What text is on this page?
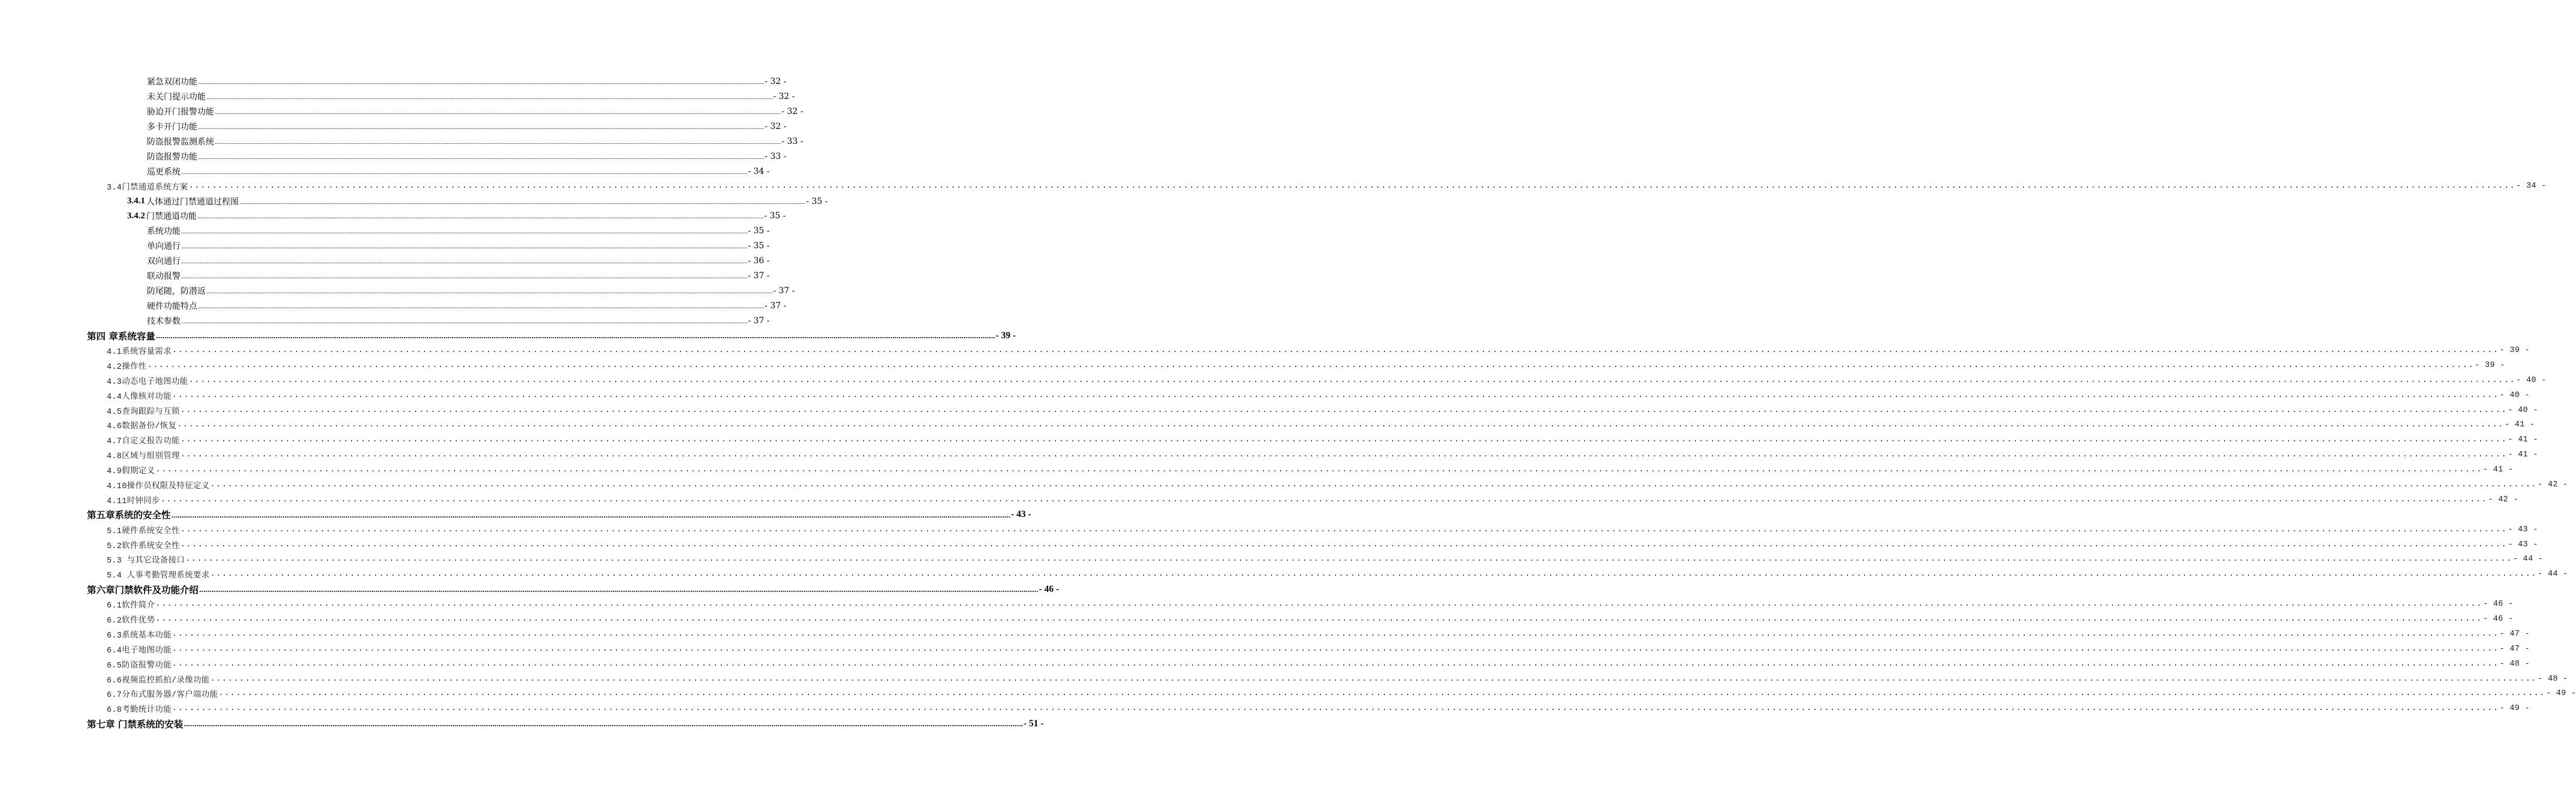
紧急双闭功能 ................................................................................................................................................................................................................................................................................................................................................................................................................ - 32 -
未关门提示功能 ................................................................................................................................................................................................................................................................................................................................................................................................................ - 32 -
胁迫开门报警功能 ................................................................................................................................................................................................................................................................................................................................................................................................................ - 32 -
多卡开门功能 ................................................................................................................................................................................................................................................................................................................................................................................................................ - 32 -
防盗报警监测系统 ................................................................................................................................................................................................................................................................................................................................................................................................................ - 33 -
防盗报警功能 ................................................................................................................................................................................................................................................................................................................................................................................................................ - 33 -
巡更系统 ................................................................................................................................................................................................................................................................................................................................................................................................................ - 34 -
3.4门禁通道系统方案 ................................................................................................................................................................................................................................................................................................................................................................................................................ - 34 -
3.4.1 人体通过门禁通道过程图 ................................................................................................................................................................................................................................................................................................................................................................................................................ - 35 -
3.4.2 门禁通道功能 ................................................................................................................................................................................................................................................................................................................................................................................................................ - 35 -
系统功能 ................................................................................................................................................................................................................................................................................................................................................................................................................ - 35 -
单向通行 ................................................................................................................................................................................................................................................................................................................................................................................................................ - 35 -
双向通行 ................................................................................................................................................................................................................................................................................................................................................................................................................ - 36 -
联动报警 ................................................................................................................................................................................................................................................................................................................................................................................................................ - 37 -
防尾随，防潜返 ................................................................................................................................................................................................................................................................................................................................................................................................................ - 37 -
硬件功能特点 ................................................................................................................................................................................................................................................................................................................................................................................................................ - 37 -
技术参数 ................................................................................................................................................................................................................................................................................................................................................................................................................ - 37 -
第四 章系统容量 ................................................................................................................................................................................................................................................................................................................................................................................................................ - 39 -
4.1系统容量需求 ................................................................................................................................................................................................................................................................................................................................................................................................................ - 39 -
4.2操作性 ................................................................................................................................................................................................................................................................................................................................................................................................................ - 39 -
4.3动态电子地图功能 ................................................................................................................................................................................................................................................................................................................................................................................................................ - 40 -
4.4人像核对功能 ................................................................................................................................................................................................................................................................................................................................................................................................................ - 40 -
4.5查询跟踪与互锁 ................................................................................................................................................................................................................................................................................................................................................................................................................ - 40 -
4.6数据备份/恢复 ................................................................................................................................................................................................................................................................................................................................................................................................................ - 41 -
4.7自定义报告功能 ................................................................................................................................................................................................................................................................................................................................................................................................................ - 41 -
4.8区域与组别管理 ................................................................................................................................................................................................................................................................................................................................................................................................................ - 41 -
4.9假期定义 ................................................................................................................................................................................................................................................................................................................................................................................................................ - 41 -
4.10操作员权限及特征定义 ................................................................................................................................................................................................................................................................................................................................................................................................................ - 42 -
4.11时钟同步 ................................................................................................................................................................................................................................................................................................................................................................................................................ - 42 -
第五章系统的安全性 ................................................................................................................................................................................................................................................................................................................................................................................................................ - 43 -
5.1硬件系统安全性 ................................................................................................................................................................................................................................................................................................................................................................................................................ - 43 -
5.2软件系统安全性 ................................................................................................................................................................................................................................................................................................................................................................................................................ - 43 -
5.3 与其它设备接口 ................................................................................................................................................................................................................................................................................................................................................................................................................ - 44 -
5.4 人事考勤管理系统要求 ................................................................................................................................................................................................................................................................................................................................................................................................................ - 44 -
第六章门禁软件及功能介绍 ................................................................................................................................................................................................................................................................................................................................................................................................................ - 46 -
6.1软件简介 ................................................................................................................................................................................................................................................................................................................................................................................................................ - 46 -
6.2软件优势 ................................................................................................................................................................................................................................................................................................................................................................................................................ - 46 -
6.3系统基本功能 ................................................................................................................................................................................................................................................................................................................................................................................................................ - 47 -
6.4电子地图功能 ................................................................................................................................................................................................................................................................................................................................................................................................................ - 47 -
6.5防盗报警功能 ................................................................................................................................................................................................................................................................................................................................................................................................................ - 48 -
6.6视频监控抓拍/录像功能 ................................................................................................................................................................................................................................................................................................................................................................................................................ - 48 -
6.7分布式服务器/客户端功能 ................................................................................................................................................................................................................................................................................................................................................................................................................ - 49 -
6.8考勤统计功能 ................................................................................................................................................................................................................................................................................................................................................................................................................ - 49 -
第七章 门禁系统的安装 ................................................................................................................................................................................................................................................................................................................................................................................................................ - 51 -
